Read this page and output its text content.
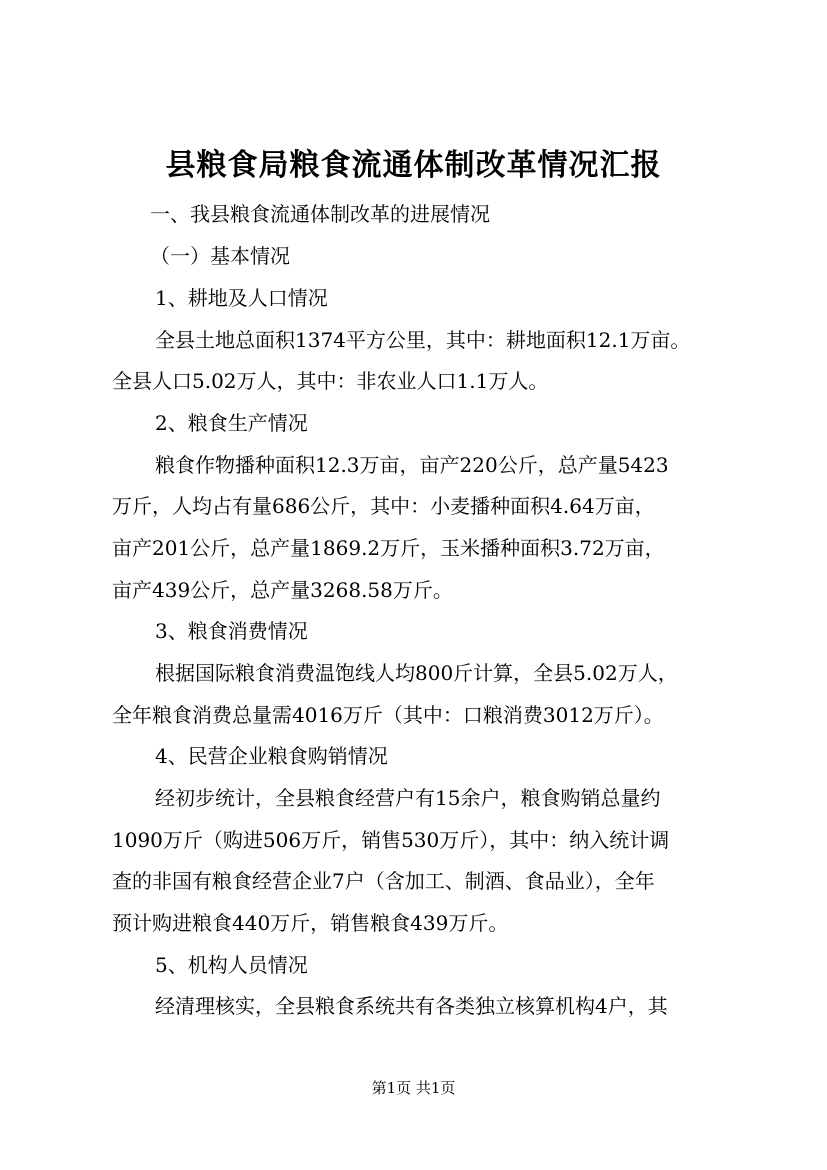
县粮食局粮食流通体制改革情况汇报
一、我县粮食流通体制改革的进展情况
（一）基本情况
1、耕地及人口情况
全县土地总面积1374平方公里，其中：耕地面积12.1万亩。
全县人口5.02万人，其中：非农业人口1.1万人。
2、粮食生产情况
粮食作物播种面积12.3万亩，亩产220公斤，总产量5423
万斤，人均占有量686公斤，其中：小麦播种面积4.64万亩，
亩产201公斤，总产量1869.2万斤，玉米播种面积3.72万亩，
亩产439公斤，总产量3268.58万斤。
3、粮食消费情况
根据国际粮食消费温饱线人均800斤计算，全县5.02万人，
全年粮食消费总量需4016万斤（其中：口粮消费3012万斤）。
4、民营企业粮食购销情况
经初步统计，全县粮食经营户有15余户，粮食购销总量约
1090万斤（购进506万斤，销售530万斤），其中：纳入统计调
查的非国有粮食经营企业7户（含加工、制酒、食品业），全年
预计购进粮食440万斤，销售粮食439万斤。
5、机构人员情况
经清理核实，全县粮食系统共有各类独立核算机构4户，其
第1页 共1页
